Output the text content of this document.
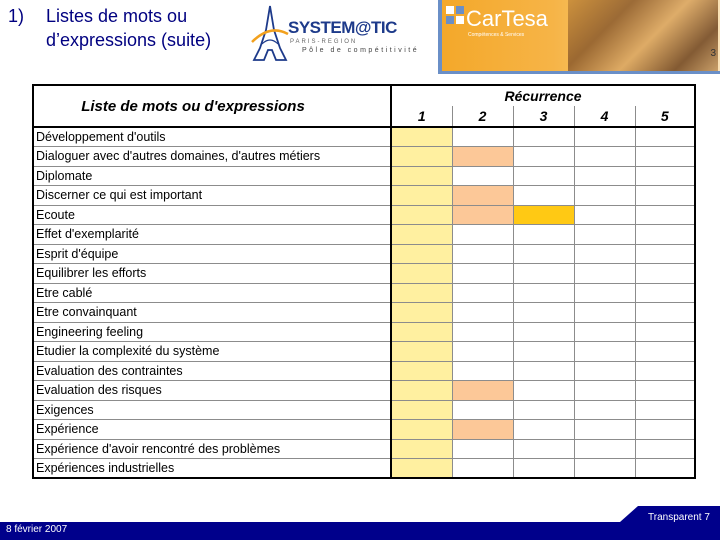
1) Listes de mots ou d’expressions (suite)
SYSTEM@TIC
PARIS-REGION
Pôle de compétitivité
CarTesa
Compétences & Services
3
Liste de mots ou d'expressions	Récurrence				
	1	2	3	4	5
Développement d'outils					
Dialoguer avec d'autres domaines, d'autres métiers					
Diplomate					
Discerner ce qui est important					
Ecoute					
Effet d'exemplarité					
Esprit d'équipe					
Equilibrer les efforts					
Etre cablé					
Etre convainquant					
Engineering feeling					
Etudier la complexité du système					
Evaluation des contraintes					
Evaluation des risques					
Exigences					
Expérience					
Expérience d'avoir rencontré des problèmes					
Expériences industrielles					
8 février 2007
Transparent 7
